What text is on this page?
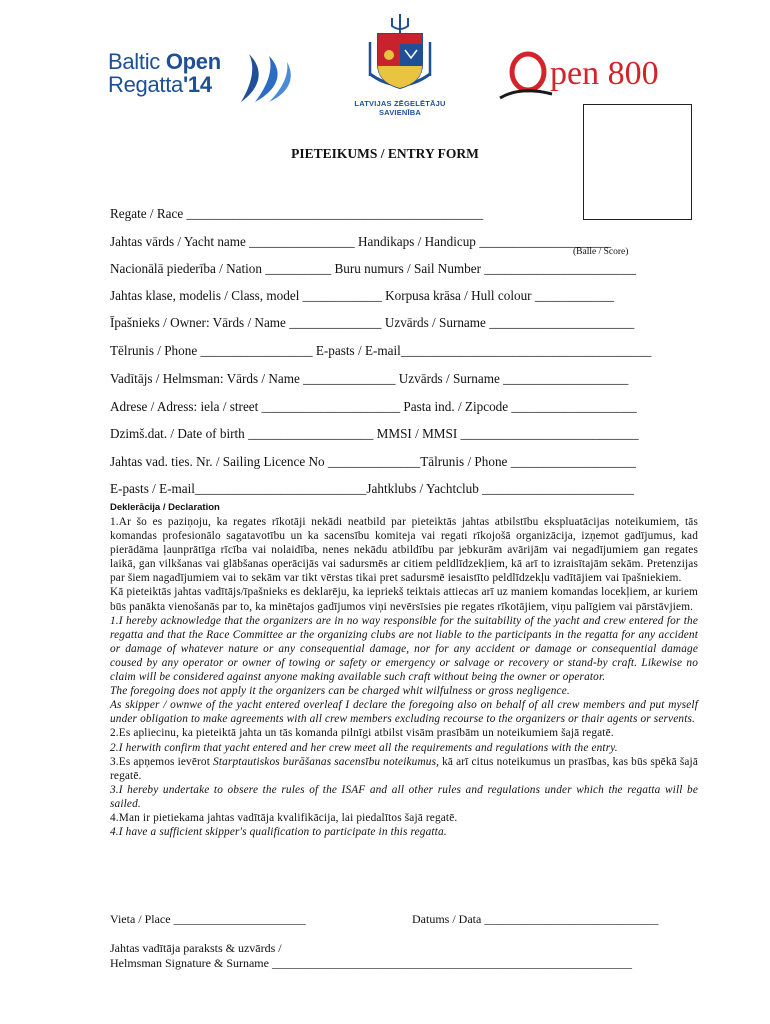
Baltic Open
Regatta'14
LATVIJAS ZĒGELĒTĀJU SAVIENĪBA
pen 800
PIETEIKUMS / ENTRY FORM
Regate / Race _____________________________________________
Jahtas vārds / Yacht name ________________ Handikaps / Handicup ____________________
(Balle / Score)
Nacionālā piederība / Nation __________ Buru numurs / Sail Number _______________________
Jahtas klase, modelis / Class, model ____________ Korpusa krāsa / Hull colour ____________
Īpašnieks / Owner: Vārds / Name ______________ Uzvārds / Surname ______________________
Tēlrunis / Phone _________________ E-pasts / E-mail______________________________________
Vadītājs / Helmsman: Vārds / Name ______________ Uzvārds / Surname ___________________
Adrese / Adress: iela / street _____________________ Pasta ind. / Zipcode ___________________
Dzimš.dat. / Date of birth ___________________ MMSI / MMSI ___________________________
Jahtas vad. ties. Nr. / Sailing Licence No ______________Tālrunis / Phone ___________________
E-pasts / E-mail__________________________Jahtklubs / Yachtclub _______________________
Deklerācija / Declaration

1.Ar šo es paziņoju, ka regates rīkotāji nekādi neatbild par pieteiktās jahtas atbilstību ekspluatācijas noteikumiem, tās komandas profesionālo sagatavotību un ka sacensību komiteja vai regati rīkojošā organizācija, izņemot gadījumus, kad pierādāma ļaunprātīga rīcība vai nolaidība, nenes nekādu atbildību par jebkurām avārijām vai negadījumiem gan regates laikā, gan vilkšanas vai glābšanas operācijās vai sadursmēs ar citiem peldlīdzekļiem, kā arī to izraisītajām sekām. Pretenzijas par šiem nagadījumiem vai to sekām var tikt vērstas tikai pret sadursmē iesaistīto peldlīdzekļu vadītājiem vai īpašniekiem.

Kā pieteiktās jahtas vadītājs/īpašnieks es deklarēju, ka iepriekš teiktais attiecas arī uz maniem komandas locekļiem, ar kuriem būs panākta vienošanās par to, ka minētajos gadījumos viņi nevērsīsies pie regates rīkotājiem, viņu palīgiem vai pārstāvjiem.

1.I hereby acknowledge that the organizers are in no way responsible for the suitability of the yacht and crew entered for the regatta and that the Race Committee ar the organizing clubs are not liable to the participants in the regatta for any accident or damage of whatever nature or any consequential damage, nor for any accident or damage or consequential damage coused by any operator or owner of towing or safety or emergency or salvage or recovery or stand-by craft. Likewise no claim will be considered against anyone making available such craft without being the owner or operator.

The foregoing does not apply it the organizers can be charged whit wilfulness or gross negligence.

As skipper / ownwe of the yacht entered overleaf I declare the foregoing also on behalf of all crew members and put myself under obligation to make agreements with all crew members excluding recourse to the organizers or thair agents or servents.

2.Es apliecinu, ka pieteiktā jahta un tās komanda pilnīgi atbilst visām prasībām un noteikumiem šajā regatē.

2.I herwith confirm that yacht entered and her crew meet all the requirements and regulations with the entry.

3.Es apņemos ievērot Starptautiskos burāšanas sacensību noteikumus, kā arī citus noteikumus un prasības, kas būs spēkā šajā regatē.

3.I hereby undertake to obsere the rules of the ISAF and all other rules and regulations under which the regatta will be sailed.

4.Man ir pietiekama jahtas vadītāja kvalifikācija, lai piedalītos šajā regatē.

4.I have a sufficient skipper's qualification to participate in this regatta.

Vieta / Place ______________________	Datums / Data _____________________________
Jahtas vadītāja paraksts & uzvārds /
Helmsman Signature & Surname ____________________________________________________________
